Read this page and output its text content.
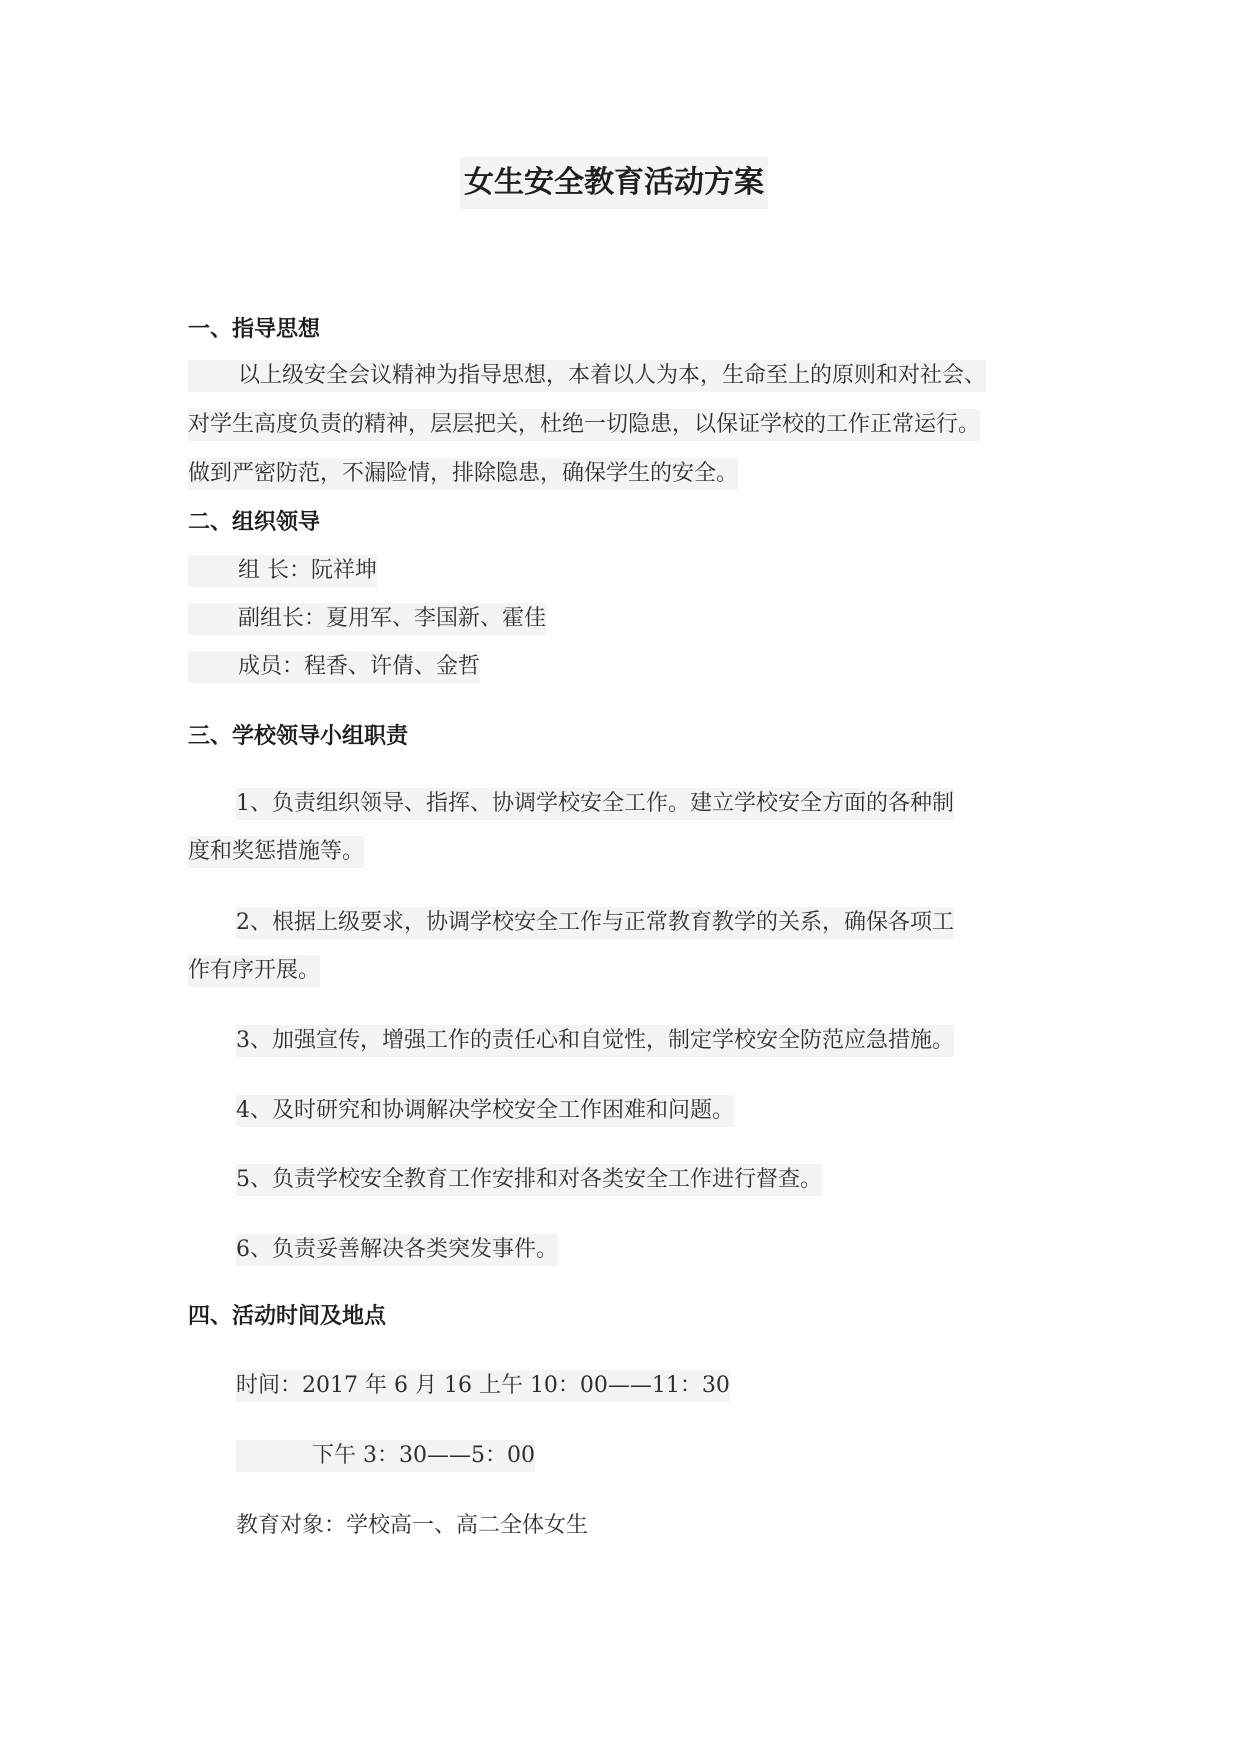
女生安全教育活动方案
一、指导思想
以上级安全会议精神为指导思想，本着以人为本，生命至上的原则和对社会、
对学生高度负责的精神，层层把关，杜绝一切隐患，以保证学校的工作正常运行。
做到严密防范，不漏险情，排除隐患，确保学生的安全。
二、组织领导
组 长：阮祥坤
副组长：夏用军、李国新、霍佳
成员：程香、许倩、金哲
三、学校领导小组职责
1、负责组织领导、指挥、协调学校安全工作。建立学校安全方面的各种制
度和奖惩措施等。
2、根据上级要求，协调学校安全工作与正常教育教学的关系，确保各项工
作有序开展。
3、加强宣传，增强工作的责任心和自觉性，制定学校安全防范应急措施。
4、及时研究和协调解决学校安全工作困难和问题。
5、负责学校安全教育工作安排和对各类安全工作进行督查。
6、负责妥善解决各类突发事件。
四、活动时间及地点
时间：2017 年 6 月 16 上午 10：00——11：30
下午 3：30——5：00
教育对象：学校高一、高二全体女生
